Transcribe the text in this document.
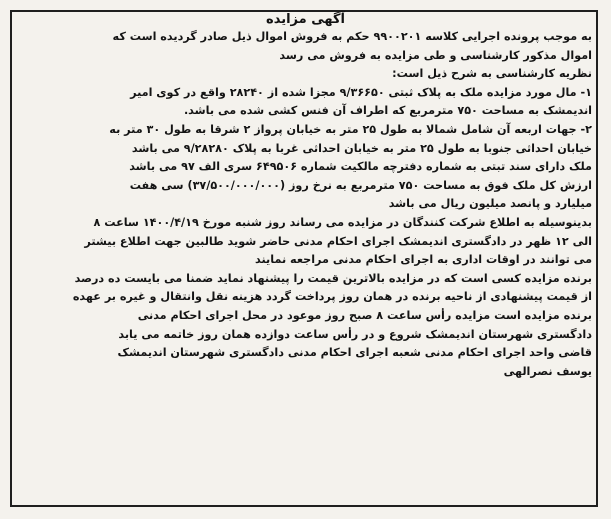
آگهی مزایده
به موجب پرونده اجرایی کلاسه ۹۹۰۰۲۰۱ حکم به فروش اموال ذیل صادر گردیده است که
اموال مذکور کارشناسی و طی مزایده به فروش می رسد
نظریه کارشناسی به شرح ذیل است:
۱- مال مورد مزایده ملک به پلاک ثبتی ۹/۳۶۶۵۰ مجزا شده از ۲۸۲۴۰ واقع در کوی امیر
اندیمشک به مساحت ۷۵۰ مترمربع که اطراف آن فنس کشی شده می باشد.
۲- جهات اربعه آن شامل شمالا به طول ۲۵ متر به خیابان پرواز ۲ شرقا به طول ۳۰ متر به
خیابان احداثی جنوبا به طول ۲۵ متر به خیابان احداثی غربا به پلاک ۹/۲۸۲۸۰ می باشد
ملک دارای سند تبتی به شماره دفترچه مالکیت شماره ۶۴۹۵۰۶ سری الف ۹۷ می باشد
ارزش کل ملک فوق به مساحت ۷۵۰ مترمربع به نرخ روز (۳۷/۵۰۰/۰۰۰/۰۰۰) سی هفت
میلیارد و پانصد میلیون ریال می باشد
بدینوسیله به اطلاع شرکت کنندگان در مزایده می رساند روز شنبه مورخ ۱۴۰۰/۴/۱۹ ساعت ۸
الی ۱۲ ظهر در دادگستری اندیمشک اجرای احکام مدنی حاضر شوید طالبین جهت اطلاع بیشتر
می توانند در اوقات اداری به اجرای احکام مدنی مراجعه نمایند
برنده مزایده کسی است که در مزایده بالاترین قیمت را پیشنهاد نماید ضمنا می بایست ده درصد
از قیمت پیشنهادی از ناحیه برنده در همان روز پرداخت گردد هزینه نقل وانتقال و غیره بر عهده
برنده مزایده است مزایده رأس ساعت ۸ صبح روز موعود در محل اجرای احکام مدنی
دادگستری شهرستان اندیمشک شروع و در رأس ساعت دوازده همان روز خاتمه می یابد
قاضی واحد اجرای احکام مدنی شعبه اجرای احکام مدنی دادگستری شهرستان اندیمشک
یوسف نصرالهی
